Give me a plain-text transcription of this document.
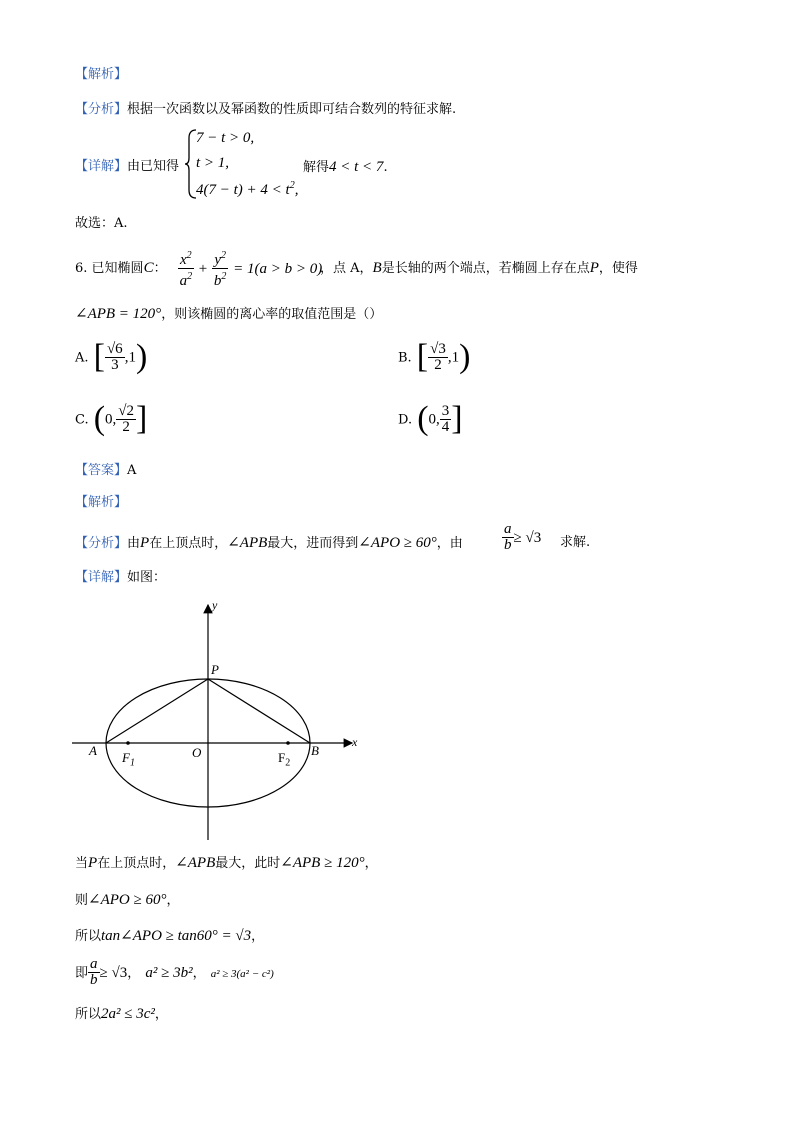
【解析】
【分析】根据一次函数以及幂函数的性质即可结合数列的特征求解.
【详解】由已知得
7 − t > 0,
t > 1,
$4(7 - t) + 4 < t^2$,
解得4 < t < 7.
故选：A.
6. 已知椭圆C： $\frac{x^2}{a^2} + \frac{y^2}{b^2} = 1(a > b > 0)$
，点 A，B是长轴的两个端点，若椭圆上存在点P，使得
∠APB = 120°，则该椭圆的离心率的取值范围是（）
A. [ $\frac{√6}{3} ,1$)	B. [ $\frac{√3}{2} ,1$)
C. (0, $\frac{√2}{2}$ ]	D. (0, $\frac{3}{4}$ ]
【答案】A
【解析】
【分析】由P在上顶点时，∠APB最大，进而得到∠APO ≥ 60°，由	$\frac{a}{b} \ge √3$ 求解.
【详解】如图：
y
x
P
A	O	B
$F_1$	$F_2$
当P在上顶点时，∠APB最大，此时∠APB ≥ 120°，
则∠APO ≥ 60°，
所以tan∠APO ≥ tan60° = √3，
即 $\frac{a}{b} \ge √3$， a² ≥ 3b²， a² ≥ 3(a² − c²)
所以2a² ≤ 3c²，
